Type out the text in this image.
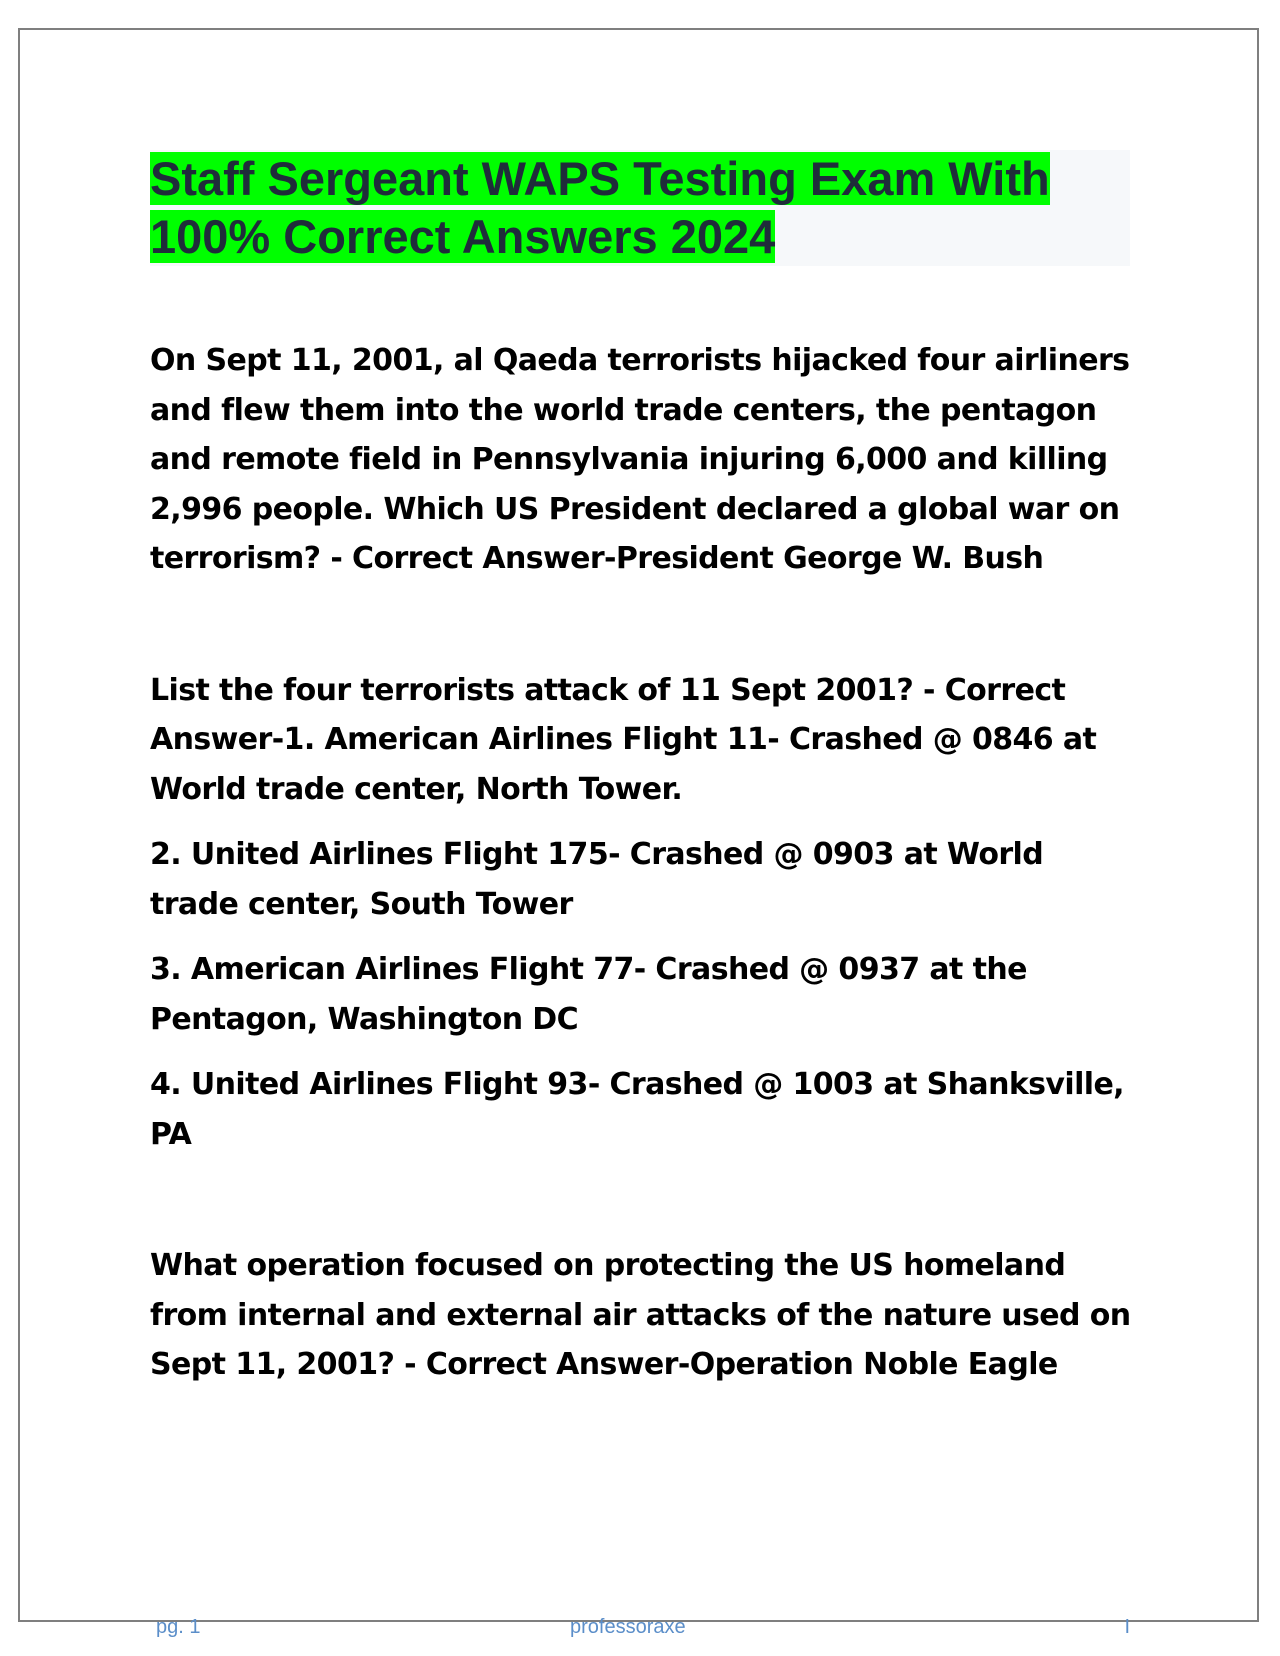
Staff Sergeant WAPS Testing Exam With
100% Correct Answers 2024

On Sept 11, 2001, al Qaeda terrorists hijacked four airliners and flew them into the world trade centers, the pentagon and remote field in Pennsylvania injuring 6,000 and killing 2,996 people. Which US President declared a global war on terrorism? - Correct Answer-President George W. Bush

List the four terrorists attack of 11 Sept 2001? - Correct Answer-1. American Airlines Flight 11- Crashed @ 0846 at World trade center, North Tower.

2. United Airlines Flight 175- Crashed @ 0903 at World trade center, South Tower

3. American Airlines Flight 77- Crashed @ 0937 at the Pentagon, Washington DC

4. United Airlines Flight 93- Crashed @ 1003 at Shanksville, PA

What operation focused on protecting the US homeland from internal and external air attacks of the nature used on Sept 11, 2001? - Correct Answer-Operation Noble Eagle

pg. 1	professoraxe	I
